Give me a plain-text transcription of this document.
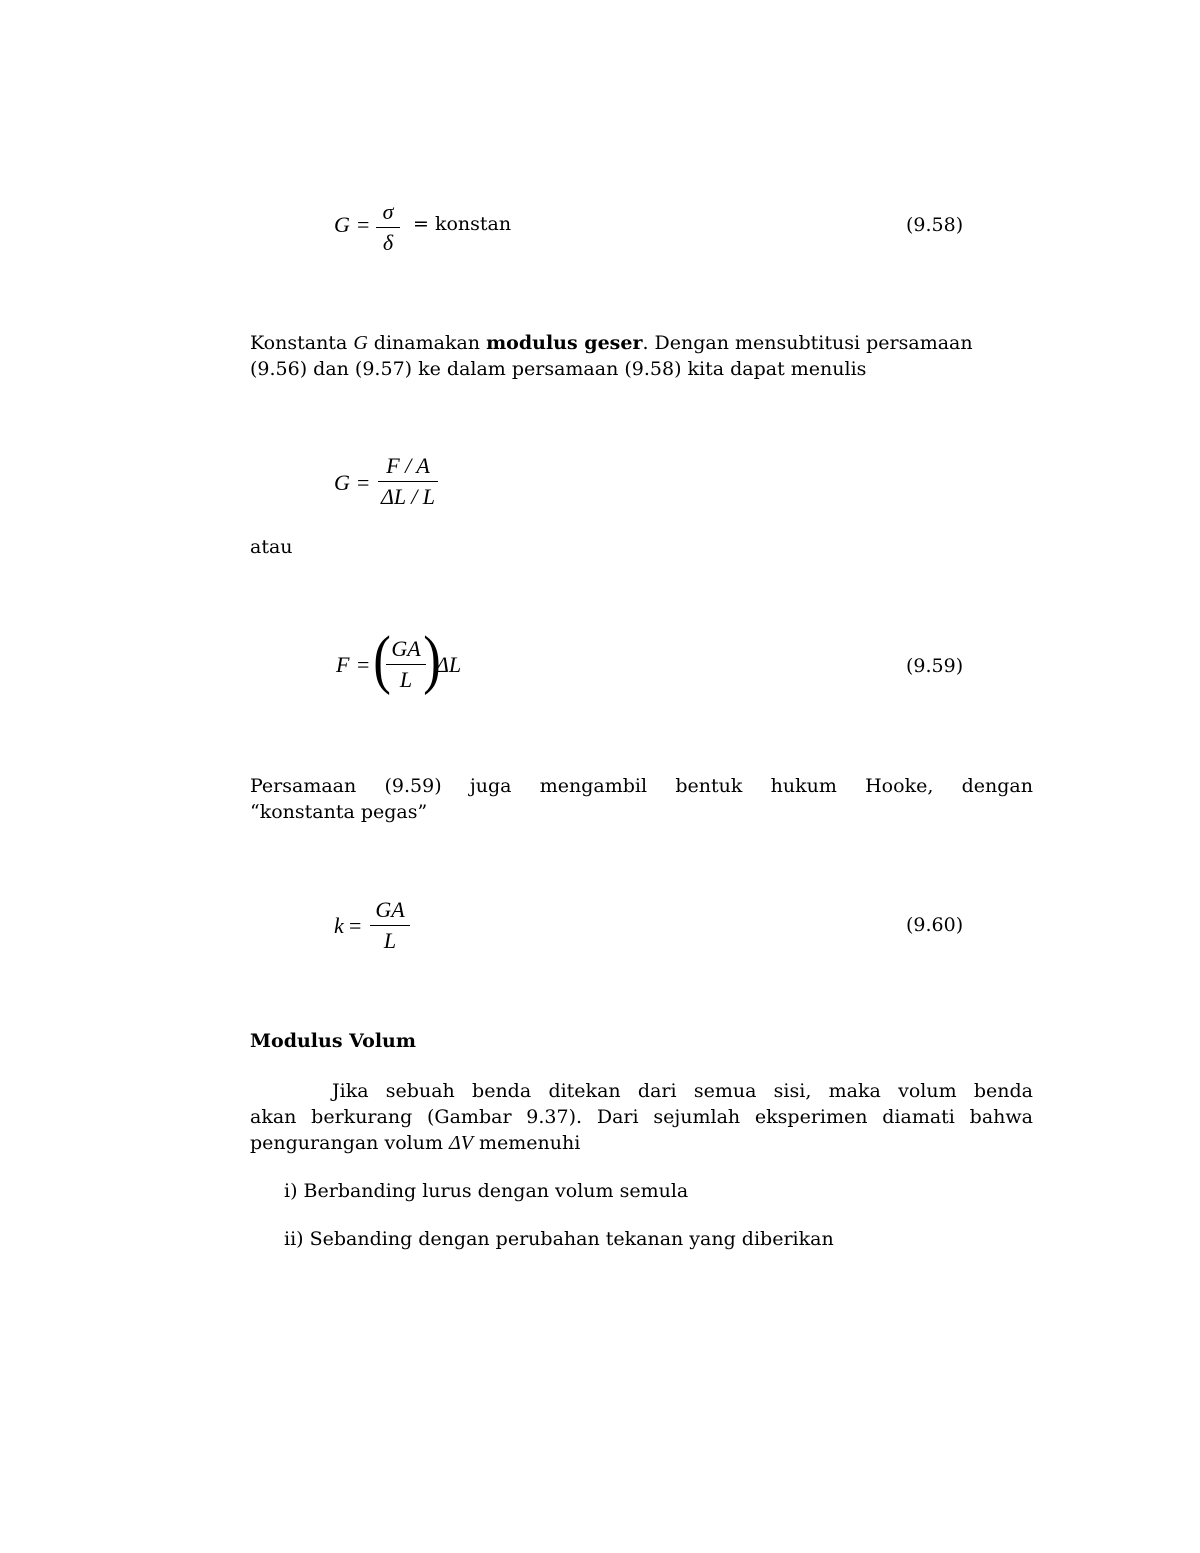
G =
σ
δ
= konstan	(9.58)
Konstanta G dinamakan modulus geser. Dengan mensubtitusi persamaan
(9.56) dan (9.57) ke dalam persamaan (9.58) kita dapat menulis
G =
F / A
ΔL / L
atau
F = ( GA
L )
ΔL	(9.59)
Persamaan (9.59) juga mengambil bentuk hukum Hooke, dengan
“konstanta pegas”
k =
GA
L
(9.60)
Modulus Volum
Jika sebuah benda ditekan dari semua sisi, maka volum benda
akan berkurang (Gambar 9.37). Dari sejumlah eksperimen diamati bahwa
pengurangan volum ΔV memenuhi
i) Berbanding lurus dengan volum semula
ii) Sebanding dengan perubahan tekanan yang diberikan
